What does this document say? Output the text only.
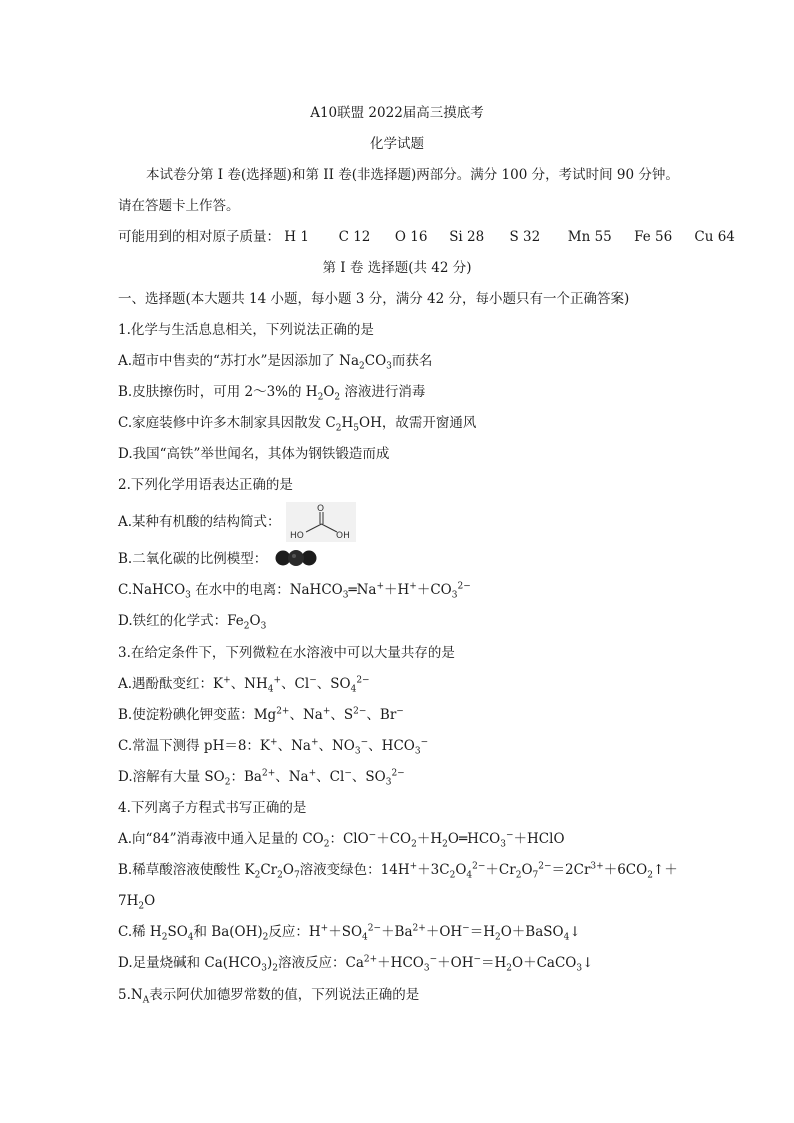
A10联盟 2022届高三摸底考
化学试题
本试卷分第 I 卷(选择题)和第 II 卷(非选择题)两部分。满分 100 分，考试时间 90 分钟。
请在答题卡上作答。
可能用到的相对原子质量： H 1 C 12 O 16 Si 28 S 32 Mn 55 Fe 56 Cu 64
第 I 卷 选择题(共 42 分)
一、选择题(本大题共 14 小题，每小题 3 分，满分 42 分，每小题只有一个正确答案)
1.化学与生活息息相关，下列说法正确的是
A.超市中售卖的“苏打水”是因添加了 $Na_2CO_3$而获名
B.皮肤擦伤时，可用 2～3%的 $H_2O_2$ 溶液进行消毒
C.家庭装修中许多木制家具因散发 $C_2H_5OH$，故需开窗通风
D.我国“高铁”举世闻名，其体为钢铁锻造而成
2.下列化学用语表达正确的是
A.某种有机酸的结构简式：
O
HO	OH
B.二氧化碳的比例模型：
C.NaHCO$_3$ 在水中的电离：$NaHCO_3═Na^++H^++CO_3^{2-}$
D.铁红的化学式：$Fe_2O_3$
3.在给定条件下，下列微粒在水溶液中可以大量共存的是
A.遇酚酞变红：K+、$NH_4^+$、Cl−、$SO_4^{2-}$
B.使淀粉碘化钾变蓝：$Mg^{2+}$、Na+、$S^{2-}$、Br−
C.常温下测得 pH＝8：K+、Na+、$NO_3^-$、$HCO_3^-$
D.溶解有大量 $SO_2$：$Ba^{2+}$、Na+、Cl−、$SO_3^{2-}$
4.下列离子方程式书写正确的是
A.向“84”消毒液中通入足量的 $CO_2$：$ClO^-+CO_2+H_2O═HCO_3^-+HClO$
B.稀草酸溶液使酸性 $K_2Cr_2O_7$溶液变绿色：$14H^++3C_2O_4^{2-}+Cr_2O_7^{2-}=2Cr^{3+}+6CO_2↑+$
$7H_2O$
C.稀 $H_2SO_4$和 $Ba(OH)_2$反应：$H^++SO_4^{2-}+Ba^{2+}+OH^-=H_2O+BaSO_4↓$
D.足量烧碱和 $Ca(HCO_3)_2$溶液反应：$Ca^{2+}+HCO_3^-+OH^-=H_2O+CaCO_3↓$
$5.N_A$表示阿伏加德罗常数的值，下列说法正确的是
